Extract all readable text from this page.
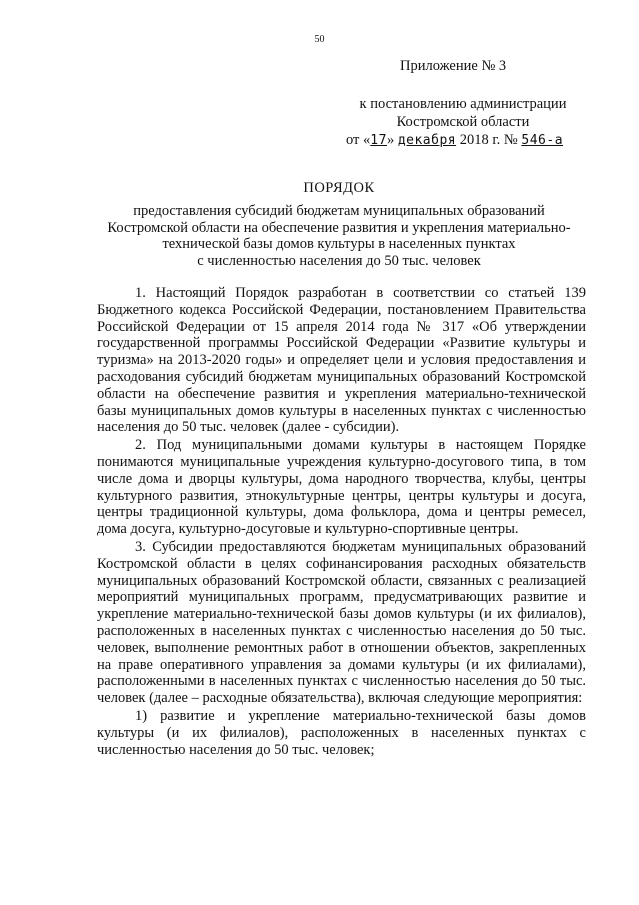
50
Приложение № 3
к постановлению администрации
Костромской области
от «17» декабря 2018 г. № 546-а
ПОРЯДОК
предоставления субсидий бюджетам муниципальных образований
Костромской области на обеспечение развития и укрепления материально-
технической базы домов культуры в населенных пунктах
с численностью населения до 50 тыс. человек

1. Настоящий Порядок разработан в соответствии со статьей 139 Бюджетного кодекса Российской Федерации, постановлением Правительства Российской Федерации от 15 апреля 2014 года № 317 «Об утверждении государственной программы Российской Федерации «Развитие культуры и туризма» на 2013-2020 годы» и определяет цели и условия предоставления и расходования субсидий бюджетам муниципальных образований Костромской области на обеспечение развития и укрепления материально-технической базы муниципальных домов культуры в населенных пунктах с численностью населения до 50 тыс. человек (далее - субсидии).

2. Под муниципальными домами культуры в настоящем Порядке понимаются муниципальные учреждения культурно-досугового типа, в том числе дома и дворцы культуры, дома народного творчества, клубы, центры культурного развития, этнокультурные центры, центры культуры и досуга, центры традиционной культуры, дома фольклора, дома и центры ремесел, дома досуга, культурно-досуговые и культурно-спортивные центры.

3. Субсидии предоставляются бюджетам муниципальных образований Костромской области в целях софинансирования расходных обязательств муниципальных образований Костромской области, связанных с реализацией мероприятий муниципальных программ, предусматривающих развитие и укрепление материально-технической базы домов культуры (и их филиалов), расположенных в населенных пунктах с численностью населения до 50 тыс. человек, выполнение ремонтных работ в отношении объектов, закрепленных на праве оперативного управления за домами культуры (и их филиалами), расположенными в населенных пунктах с численностью населения до 50 тыс. человек (далее – расходные обязательства), включая следующие мероприятия:

1) развитие и укрепление материально-технической базы домов культуры (и их филиалов), расположенных в населенных пунктах с численностью населения до 50 тыс. человек;
